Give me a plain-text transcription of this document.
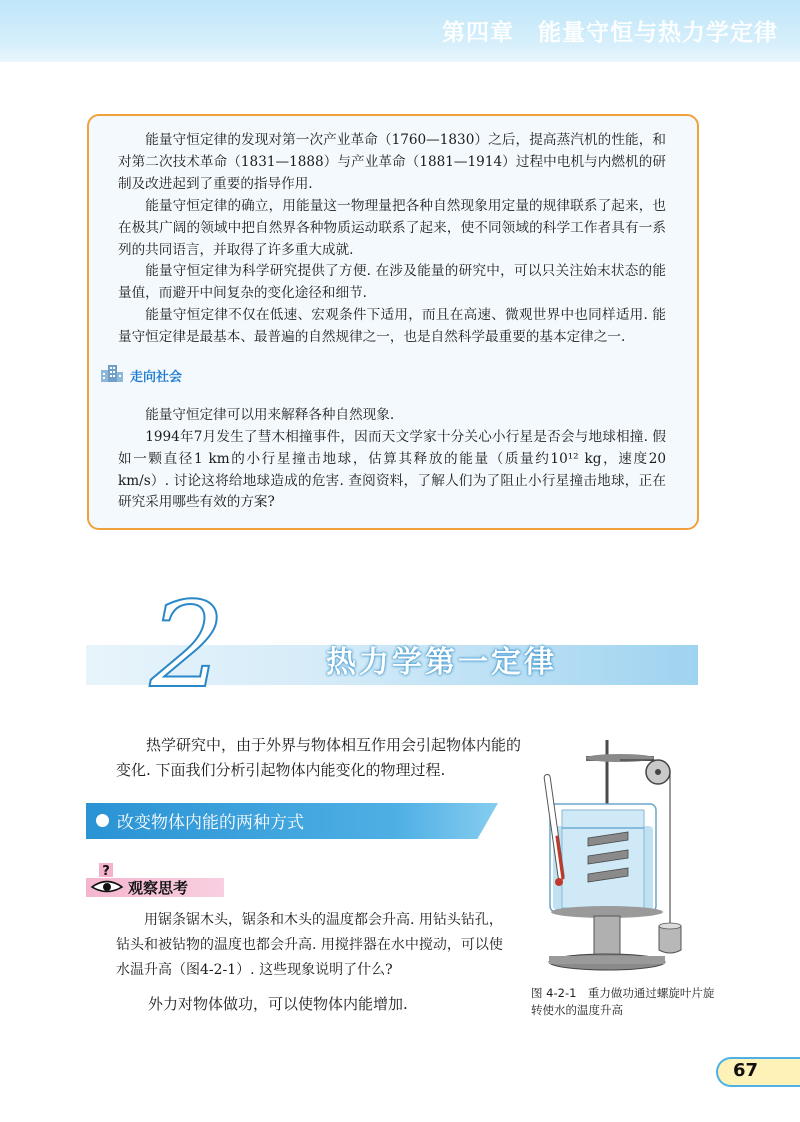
第四章　能量守恒与热力学定律

能量守恒定律的发现对第一次产业革命（1760—1830）之后，提高蒸汽机的性能，和对第二次技术革命（1831—1888）与产业革命（1881—1914）过程中电机与内燃机的研制及改进起到了重要的指导作用.

能量守恒定律的确立，用能量这一物理量把各种自然现象用定量的规律联系了起来，也在极其广阔的领域中把自然界各种物质运动联系了起来，使不同领域的科学工作者具有一系列的共同语言，并取得了许多重大成就.

能量守恒定律为科学研究提供了方便. 在涉及能量的研究中，可以只关注始末状态的能量值，而避开中间复杂的变化途径和细节.

能量守恒定律不仅在低速、宏观条件下适用，而且在高速、微观世界中也同样适用. 能量守恒定律是最基本、最普遍的自然规律之一，也是自然科学最重要的基本定律之一.

走向社会

能量守恒定律可以用来解释各种自然现象.

1994年7月发生了彗木相撞事件，因而天文学家十分关心小行星是否会与地球相撞. 假如一颗直径1 km的小行星撞击地球，估算其释放的能量（质量约10¹² kg，速度20 km/s）. 讨论这将给地球造成的危害. 查阅资料，了解人们为了阻止小行星撞击地球，正在研究采用哪些有效的方案?

2	热力学第一定律

热学研究中，由于外界与物体相互作用会引起物体内能的变化. 下面我们分析引起物体内能变化的物理过程.

改变物体内能的两种方式
?
观察思考

用锯条锯木头，锯条和木头的温度都会升高. 用钻头钻孔，钻头和被钻物的温度也都会升高. 用搅拌器在水中搅动，可以使水温升高（图4-2-1）. 这些现象说明了什么?

外力对物体做功，可以使物体内能增加.

图 4-2-1　重力做功通过螺旋叶片旋转使水的温度升高
67
